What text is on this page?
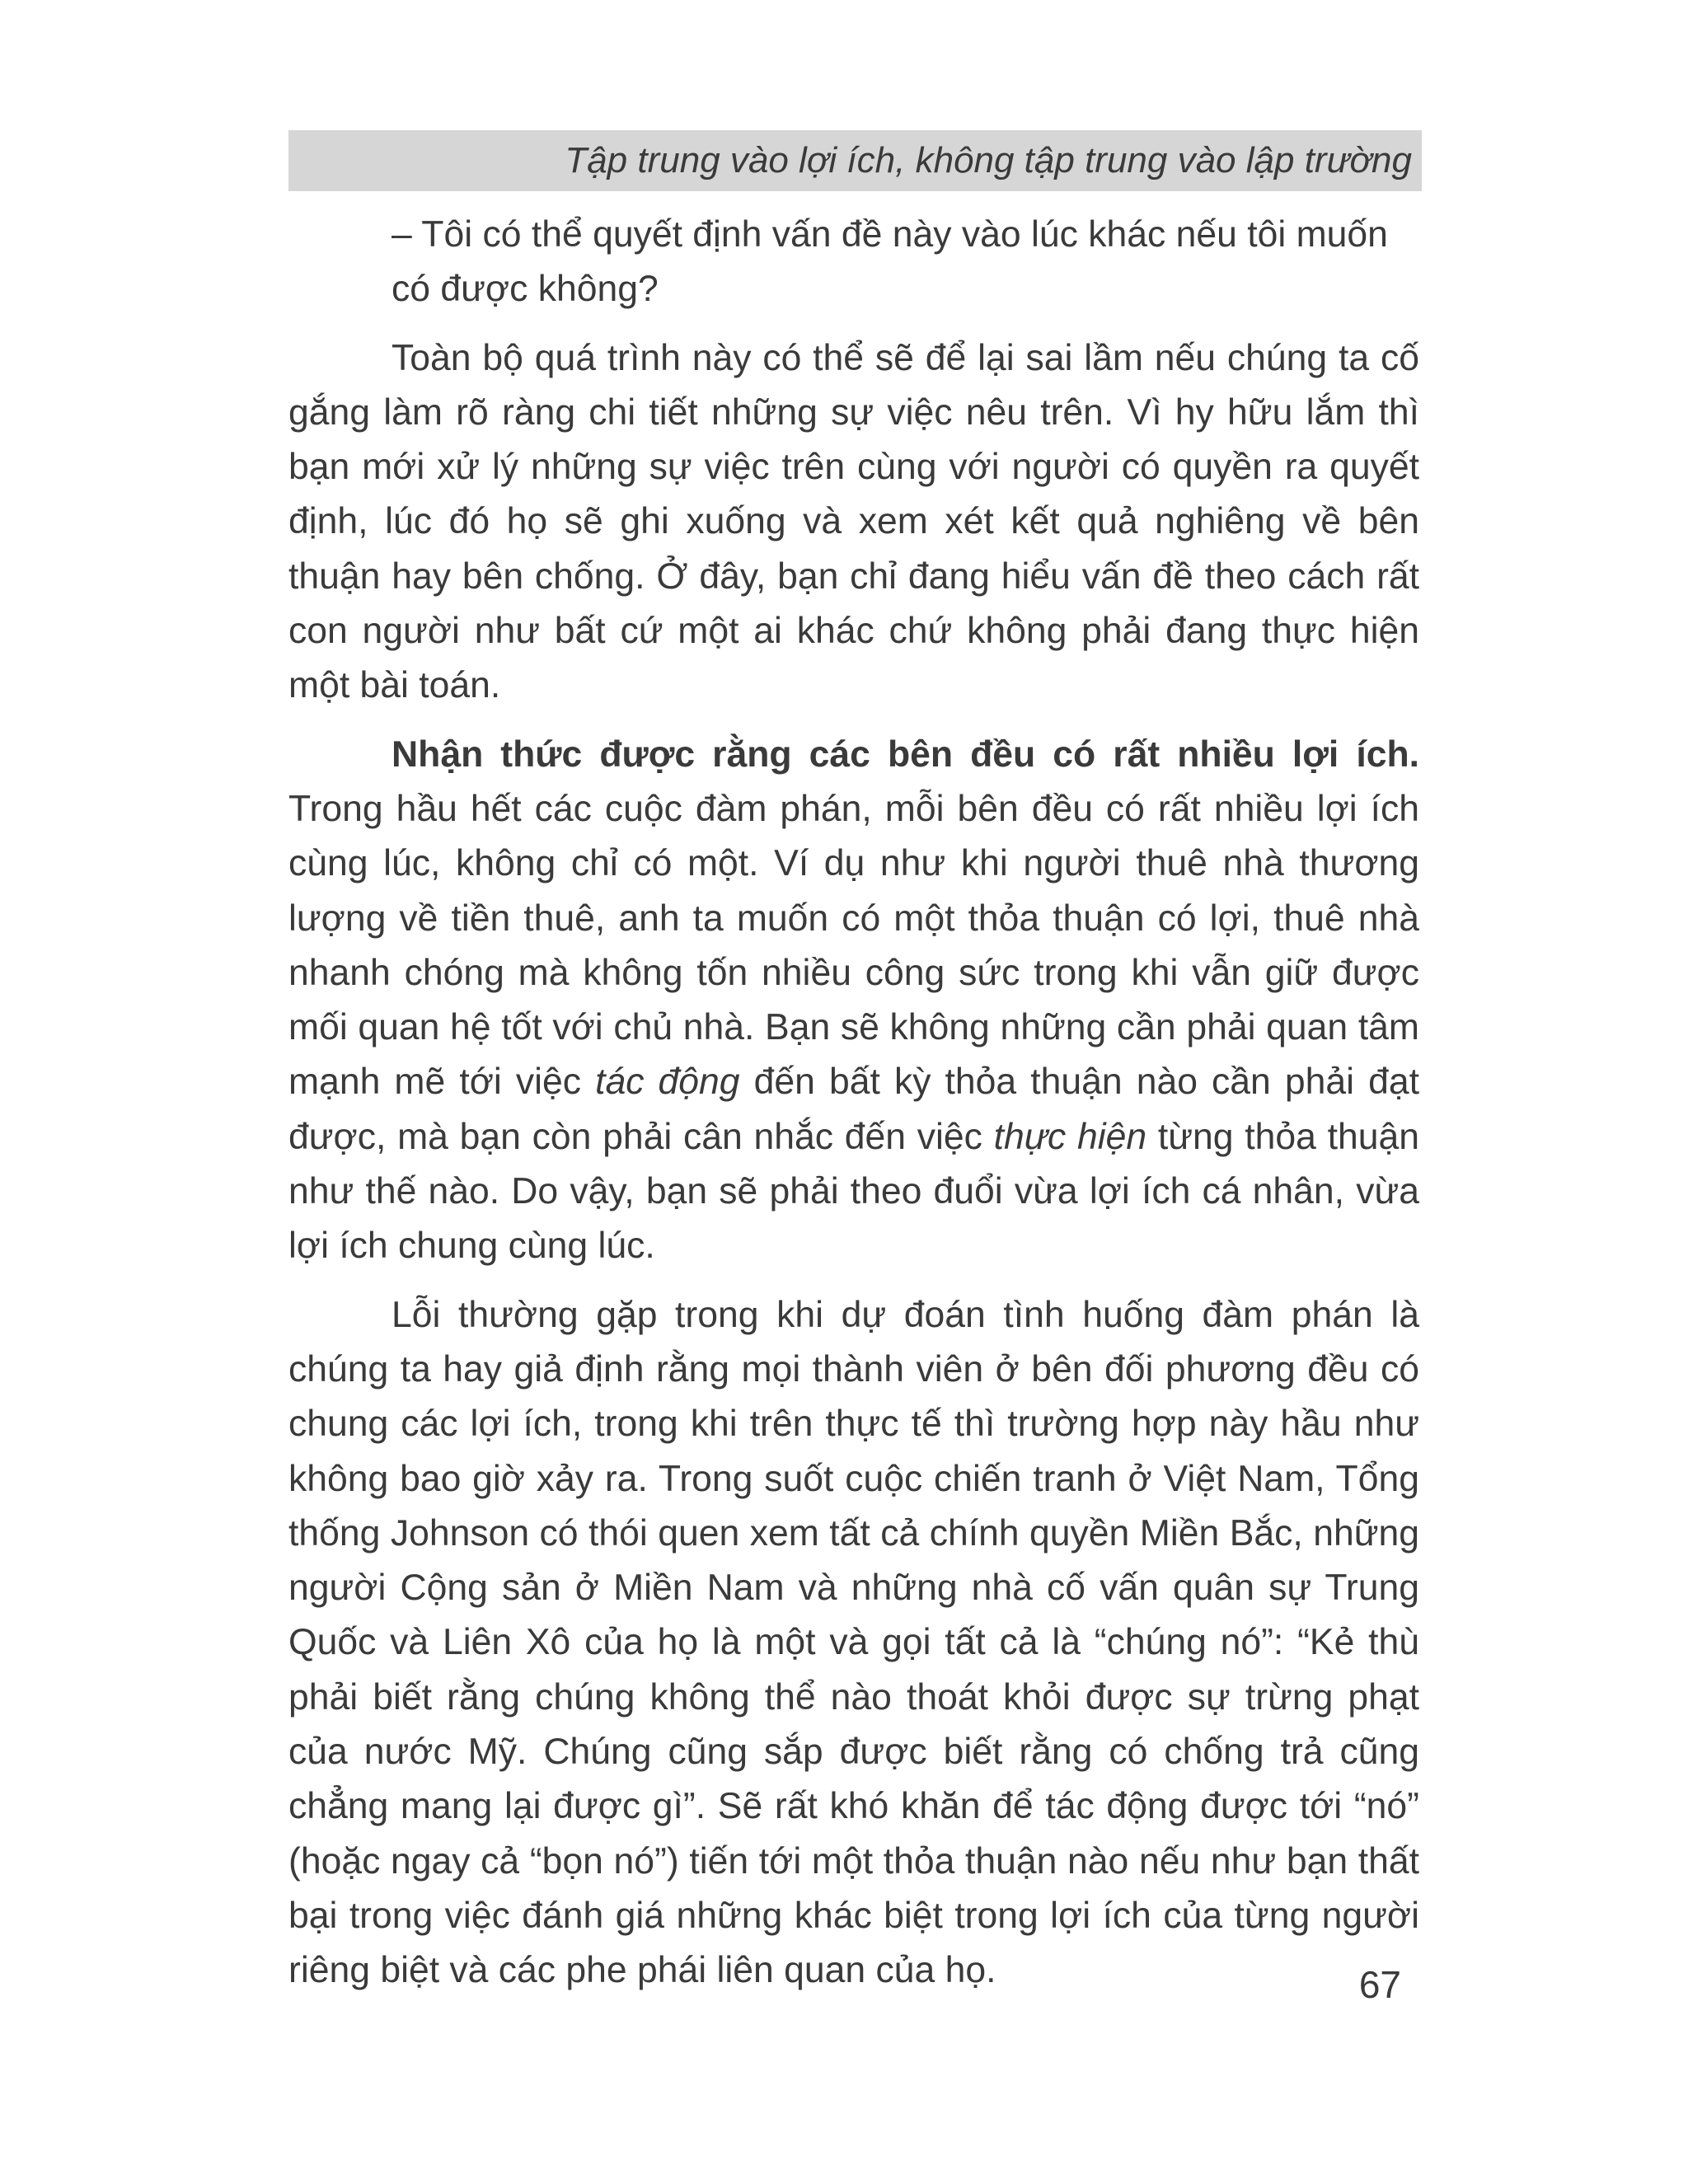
Tập trung vào lợi ích, không tập trung vào lập trường

– Tôi có thể quyết định vấn đề này vào lúc khác nếu tôi muốn có được không?

Toàn bộ quá trình này có thể sẽ để lại sai lầm nếu chúng ta cố gắng làm rõ ràng chi tiết những sự việc nêu trên. Vì hy hữu lắm thì bạn mới xử lý những sự việc trên cùng với người có quyền ra quyết định, lúc đó họ sẽ ghi xuống và xem xét kết quả nghiêng về bên thuận hay bên chống. Ở đây, bạn chỉ đang hiểu vấn đề theo cách rất con người như bất cứ một ai khác chứ không phải đang thực hiện một bài toán.

Nhận thức được rằng các bên đều có rất nhiều lợi ích. Trong hầu hết các cuộc đàm phán, mỗi bên đều có rất nhiều lợi ích cùng lúc, không chỉ có một. Ví dụ như khi người thuê nhà thương lượng về tiền thuê, anh ta muốn có một thỏa thuận có lợi, thuê nhà nhanh chóng mà không tốn nhiều công sức trong khi vẫn giữ được mối quan hệ tốt với chủ nhà. Bạn sẽ không những cần phải quan tâm mạnh mẽ tới việc tác động đến bất kỳ thỏa thuận nào cần phải đạt được, mà bạn còn phải cân nhắc đến việc thực hiện từng thỏa thuận như thế nào. Do vậy, bạn sẽ phải theo đuổi vừa lợi ích cá nhân, vừa lợi ích chung cùng lúc.

Lỗi thường gặp trong khi dự đoán tình huống đàm phán là chúng ta hay giả định rằng mọi thành viên ở bên đối phương đều có chung các lợi ích, trong khi trên thực tế thì trường hợp này hầu như không bao giờ xảy ra. Trong suốt cuộc chiến tranh ở Việt Nam, Tổng thống Johnson có thói quen xem tất cả chính quyền Miền Bắc, những người Cộng sản ở Miền Nam và những nhà cố vấn quân sự Trung Quốc và Liên Xô của họ là một và gọi tất cả là “chúng nó”: “Kẻ thù phải biết rằng chúng không thể nào thoát khỏi được sự trừng phạt của nước Mỹ. Chúng cũng sắp được biết rằng có chống trả cũng chẳng mang lại được gì”. Sẽ rất khó khăn để tác động được tới “nó” (hoặc ngay cả “bọn nó”) tiến tới một thỏa thuận nào nếu như bạn thất bại trong việc đánh giá những khác biệt trong lợi ích của từng người riêng biệt và các phe phái liên quan của họ.	67
